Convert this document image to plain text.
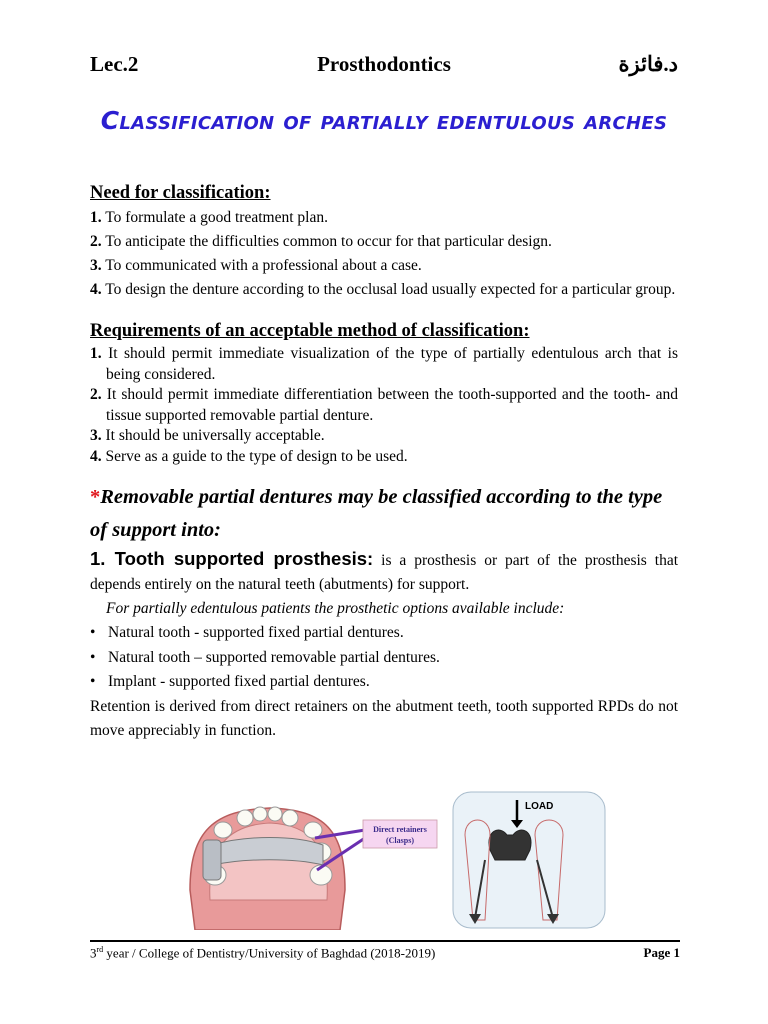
Lec.2	Prosthodontics	د.فائزة
Classification of partially edentulous arches
Need for classification:
1. To formulate a good treatment plan.
2. To anticipate the difficulties common to occur for that particular design.
3. To communicated with a professional about a case.
4. To design the denture according to the occlusal load usually expected for a particular group.
Requirements of an acceptable method of classification:
1. It should permit immediate visualization of the type of partially edentulous arch that is being considered.
2. It should permit immediate differentiation between the tooth-supported and the tooth- and tissue supported removable partial denture.
3. It should be universally acceptable.
4. Serve as a guide to the type of design to be used.
*Removable partial dentures may be classified according to the type of support into:
1. Tooth supported prosthesis: is a prosthesis or part of the prosthesis that depends entirely on the natural teeth (abutments) for support.
For partially edentulous patients the prosthetic options available include:
• Natural tooth - supported fixed partial dentures.
• Natural tooth – supported removable partial dentures.
• Implant - supported fixed partial dentures.
Retention is derived from direct retainers on the abutment teeth, tooth supported RPDs do not move appreciably in function.
Direct retainers
(Clasps)
LOAD
3rd year / College of Dentistry/University of Baghdad (2018-2019)	Page 1
